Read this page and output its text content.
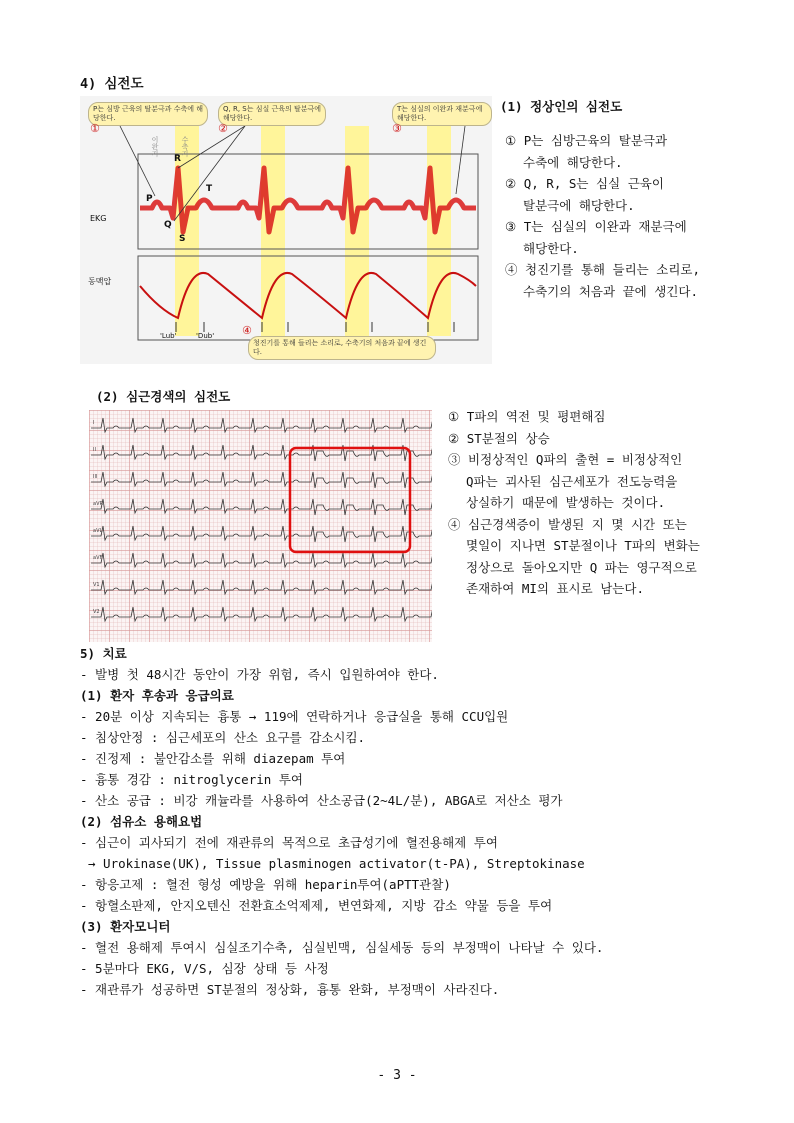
4) 심전도
P는 심방 근육의 탈분극과 수축에 해당한다.
Q, R, S는 심실 근육의 탈분극에 해당한다.
T는 심실의 이완과 재분극에 해당한다.
청진기를 통해 들리는 소리로, 수축기의 처음과 끝에 생긴다.
①	②	③
④
EKG
동맥압
이완기	수축기
P
R
Q
S
T
'Lub'	'Dub'
(1) 정상인의 심전도
① P는 심방근육의 탈분극과
수축에 해당한다.
② Q, R, S는 심실 근육이
탈분극에 해당한다.
③ T는 심실의 이완과 재분극에
해당한다.
④ 청진기를 통해 들리는 소리로,
수축기의 처음과 끝에 생긴다.
(2) 심근경색의 심전도
I
II
III
aVR
aVL
aVF
V1
V2
① T파의 역전 및 평편해짐
② ST분절의 상승
③ 비정상적인 Q파의 출현 = 비정상적인
Q파는 괴사된 심근세포가 전도능력을
상실하기 때문에 발생하는 것이다.
④ 심근경색증이 발생된 지 몇 시간 또는
몇일이 지나면 ST분절이나 T파의 변화는
정상으로 돌아오지만 Q 파는 영구적으로
존재하여 MI의 표시로 남는다.
5) 치료
- 발병 첫 48시간 동안이 가장 위험, 즉시 입원하여야 한다.
(1) 환자 후송과 응급의료
- 20분 이상 지속되는 흉통 → 119에 연락하거나 응급실을 통해 CCU입원
- 침상안정 : 심근세포의 산소 요구를 감소시킴.
- 진정제 : 불안감소를 위해 diazepam 투여
- 흉통 경감 : nitroglycerin 투여
- 산소 공급 : 비강 캐뉼라를 사용하여 산소공급(2~4L/분), ABGA로 저산소 평가
(2) 섬유소 용해요법
- 심근이 괴사되기 전에 재관류의 목적으로 초급성기에 혈전용해제 투여
→ Urokinase(UK), Tissue plasminogen activator(t-PA), Streptokinase
- 항응고제 : 혈전 형성 예방을 위해 heparin투여(aPTT관찰)
- 항혈소판제, 안지오텐신 전환효소억제제, 변연화제, 지방 감소 약물 등을 투여
(3) 환자모니터
- 혈전 용해제 투여시 심실조기수축, 심실빈맥, 심실세동 등의 부정맥이 나타날 수 있다.
- 5분마다 EKG, V/S, 심장 상태 등 사정
- 재관류가 성공하면 ST분절의 정상화, 흉통 완화, 부정맥이 사라진다.
- 3 -
